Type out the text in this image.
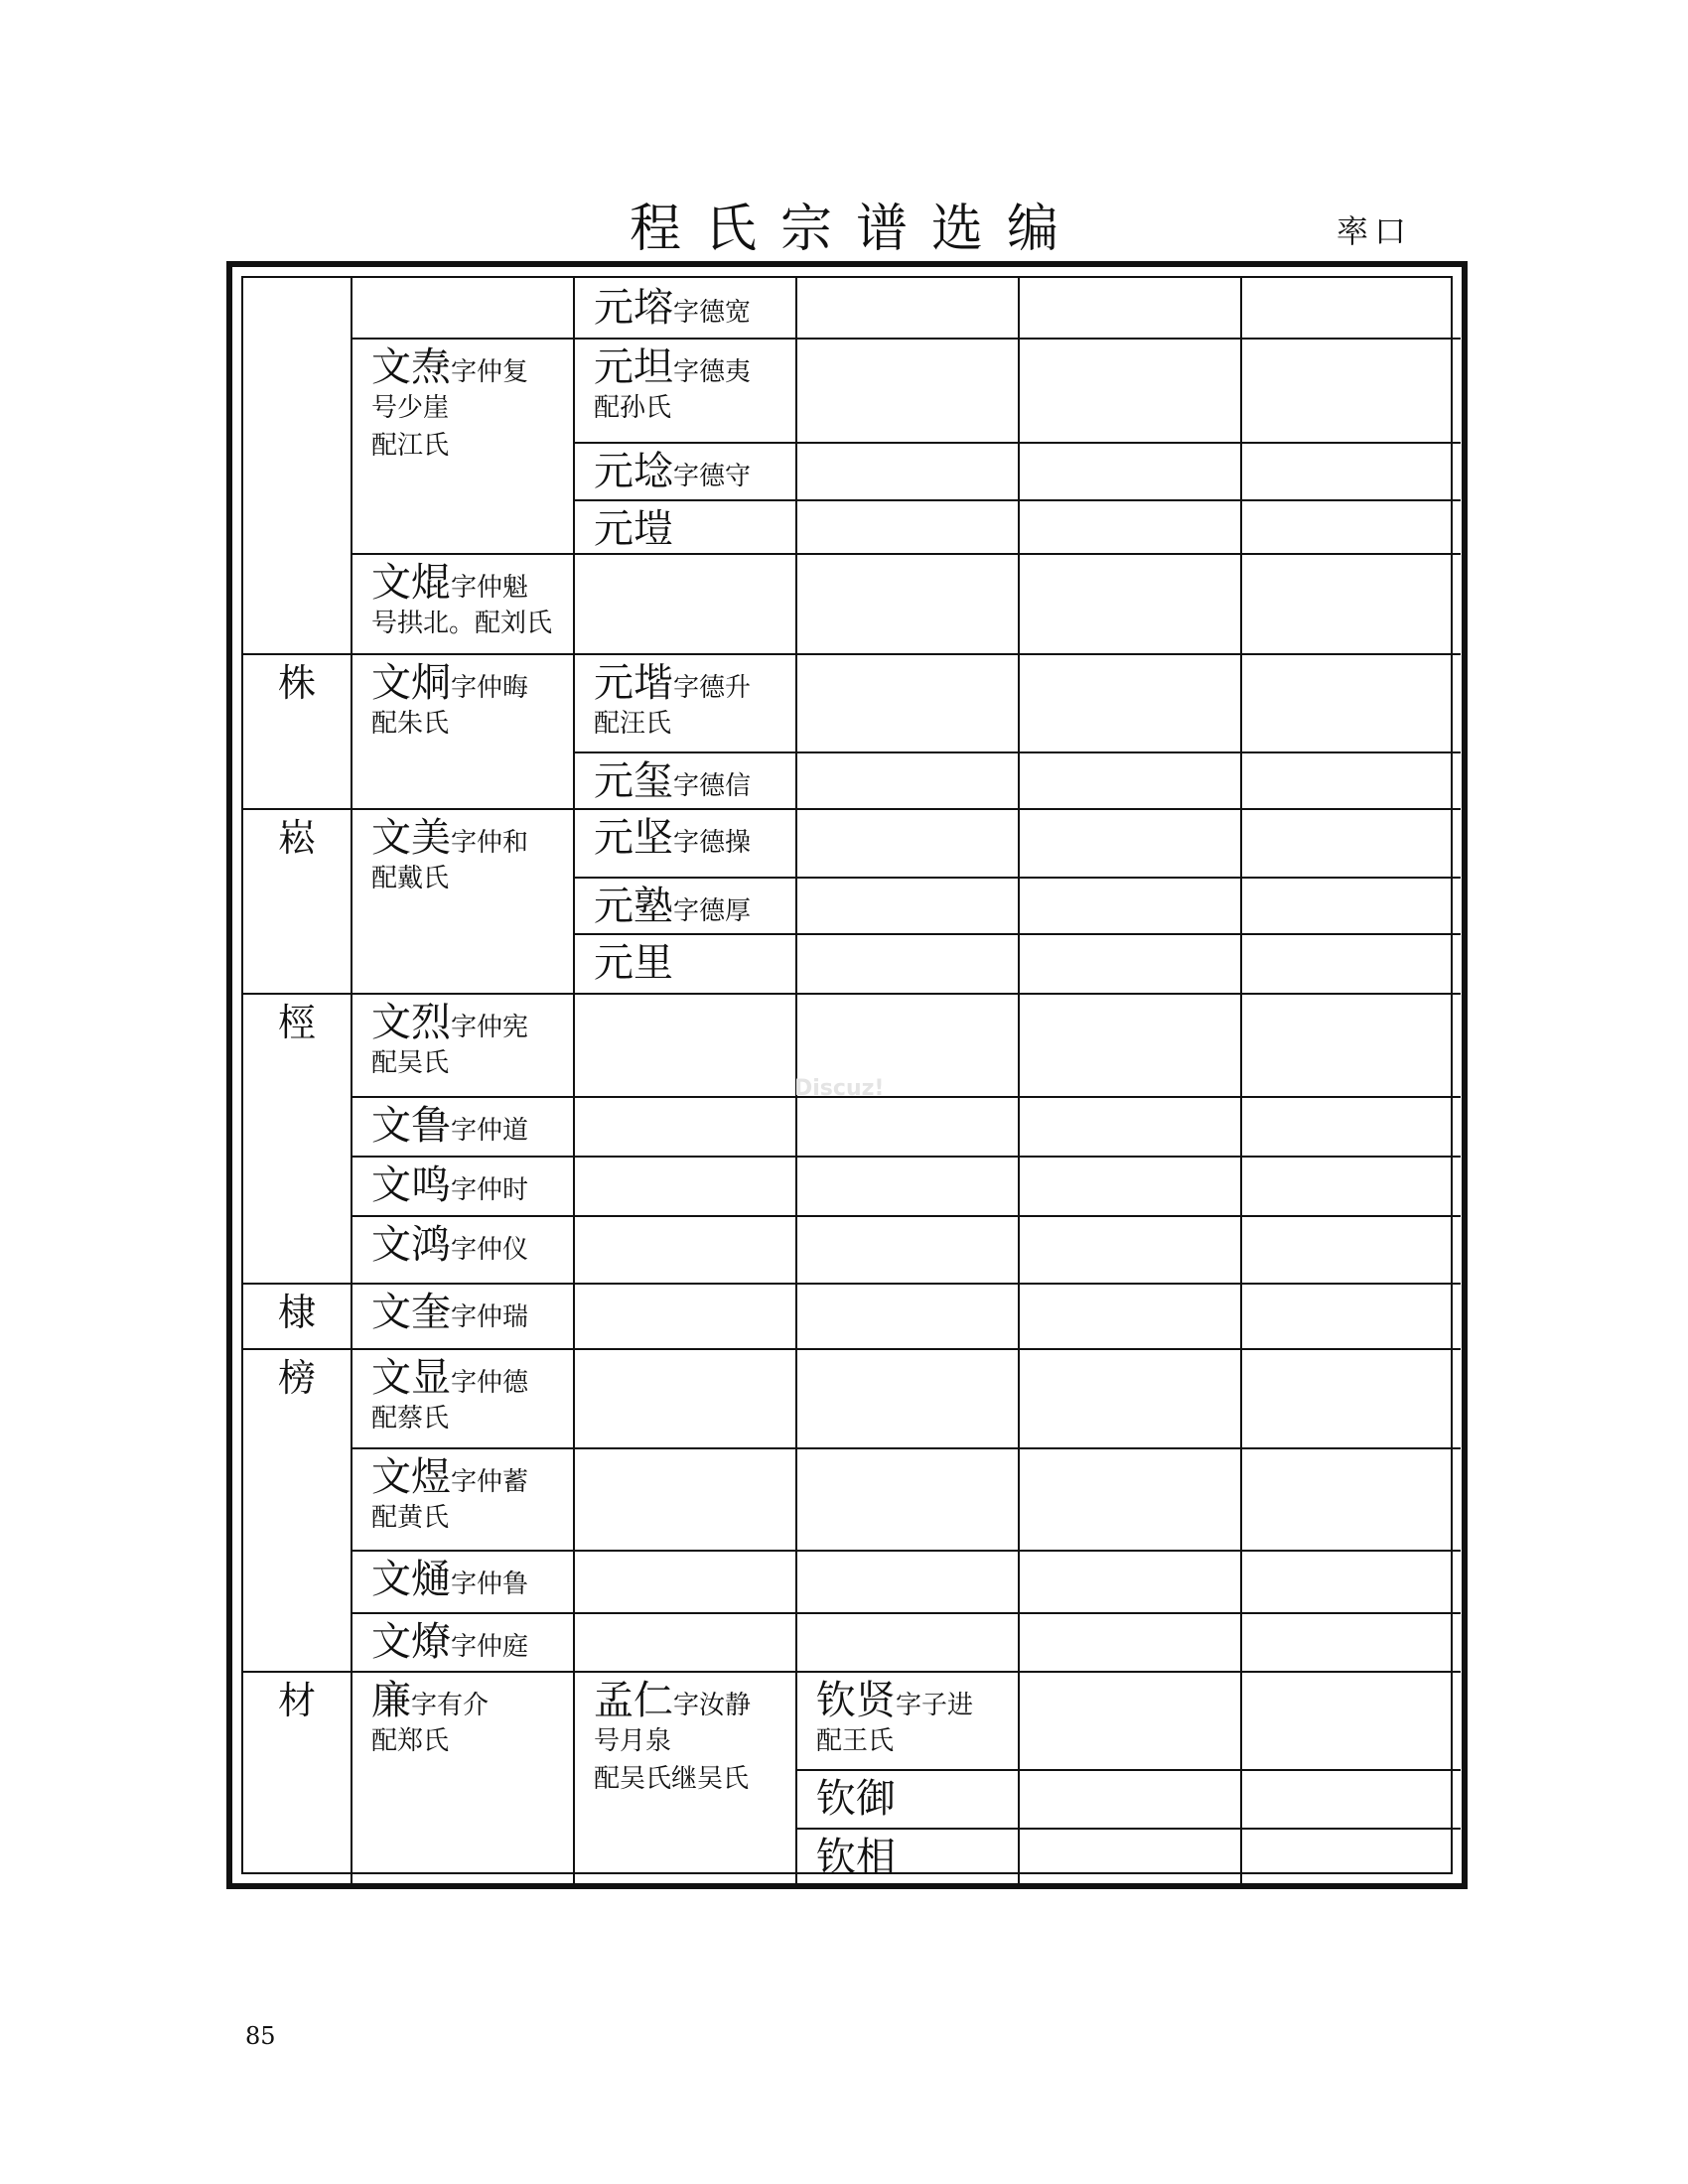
程氏宗谱选编	率口
元塎字德宽
文焘字仲复
号少崖
配江氏
元坦字德夷
配孙氏
元埝字德守
元塏
文焜字仲魁
号拱北。配刘氏
株 文烔字仲晦
配朱氏
元堦字德升
配汪氏
元玺字德信
崧 文美字仲和
配戴氏
元坚字德操
元塾字德厚
元里
桱 文烈字仲宪
配吴氏
文鲁字仲道
文鸣字仲时
文鸿字仲仪
棣 文奎字仲瑞
榜 文显字仲德
配蔡氏
文煜字仲蓄
配黄氏
文熥字仲鲁
文燎字仲庭
材 廉字有介
配郑氏
孟仁字汝静
号月泉
配吴氏继吴氏
钦贤字子进
配王氏
钦御
钦相
Discuz!
85
